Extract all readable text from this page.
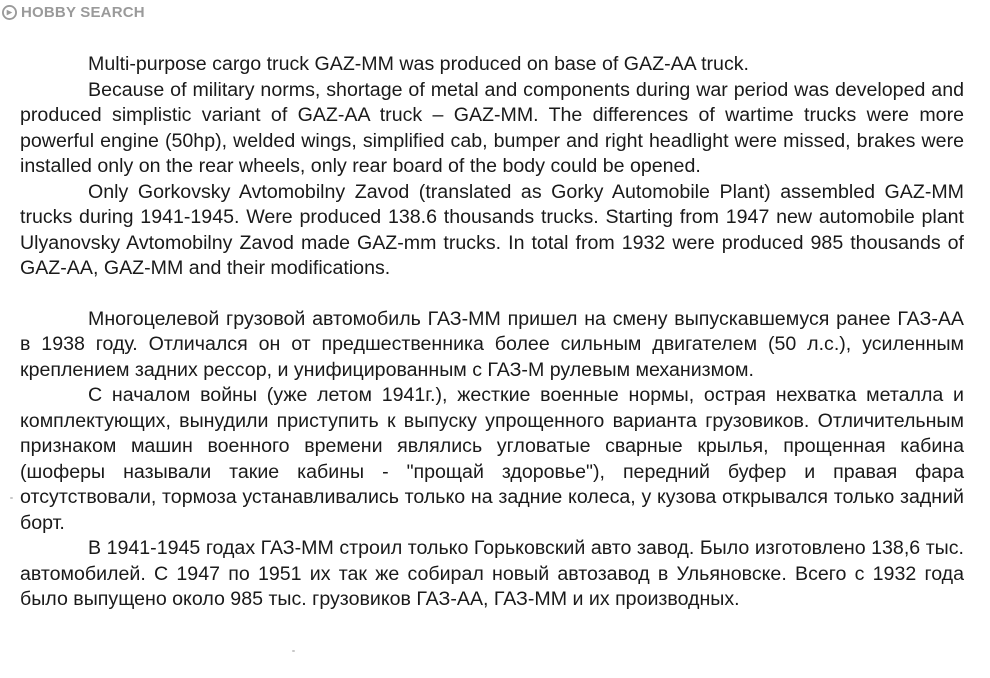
HOBBY SEARCH

Multi-purpose cargo truck GAZ-MM was produced on base of GAZ-AA truck.

Because of military norms, shortage of metal and components during war period was developed and produced simplistic variant of GAZ-AA truck – GAZ-MM. The differences of wartime trucks were more powerful engine (50hp), welded wings, simplified cab, bumper and right headlight were missed, brakes were installed only on the rear wheels, only rear board of the body could be opened.

Only Gorkovsky Avtomobilny Zavod (translated as Gorky Automobile Plant) assembled GAZ-MM trucks during 1941-1945. Were produced 138.6 thousands trucks. Starting from 1947 new automobile plant Ulyanovsky Avtomobilny Zavod made GAZ-mm trucks. In total from 1932 were produced 985 thousands of GAZ-AA, GAZ-MM and their modifications.

Многоцелевой грузовой автомобиль ГАЗ-ММ пришел на смену выпускавшемуся ранее ГАЗ-АА в 1938 году. Отличался он от предшественника более сильным двигателем (50 л.с.), усиленным креплением задних рессор, и унифицированным с ГАЗ-М рулевым механизмом.

С началом войны (уже летом 1941г.), жесткие военные нормы, острая нехватка металла и комплектующих, вынудили приступить к выпуску упрощенного варианта грузовиков. Отличительным признаком машин военного времени являлись угловатые сварные крылья, прощенная кабина (шоферы называли такие кабины - "прощай здоровье"), передний буфер и правая фара отсутствовали, тормоза устанавливались только на задние колеса, у кузова открывался только задний борт.

В 1941-1945 годах ГАЗ-ММ строил только Горьковский авто завод. Было изготовлено 138,6 тыс. автомобилей. С 1947 по 1951 их так же собирал новый автозавод в Ульяновске. Всего с 1932 года было выпущено около 985 тыс. грузовиков ГАЗ-АА, ГАЗ-ММ и их производных.
